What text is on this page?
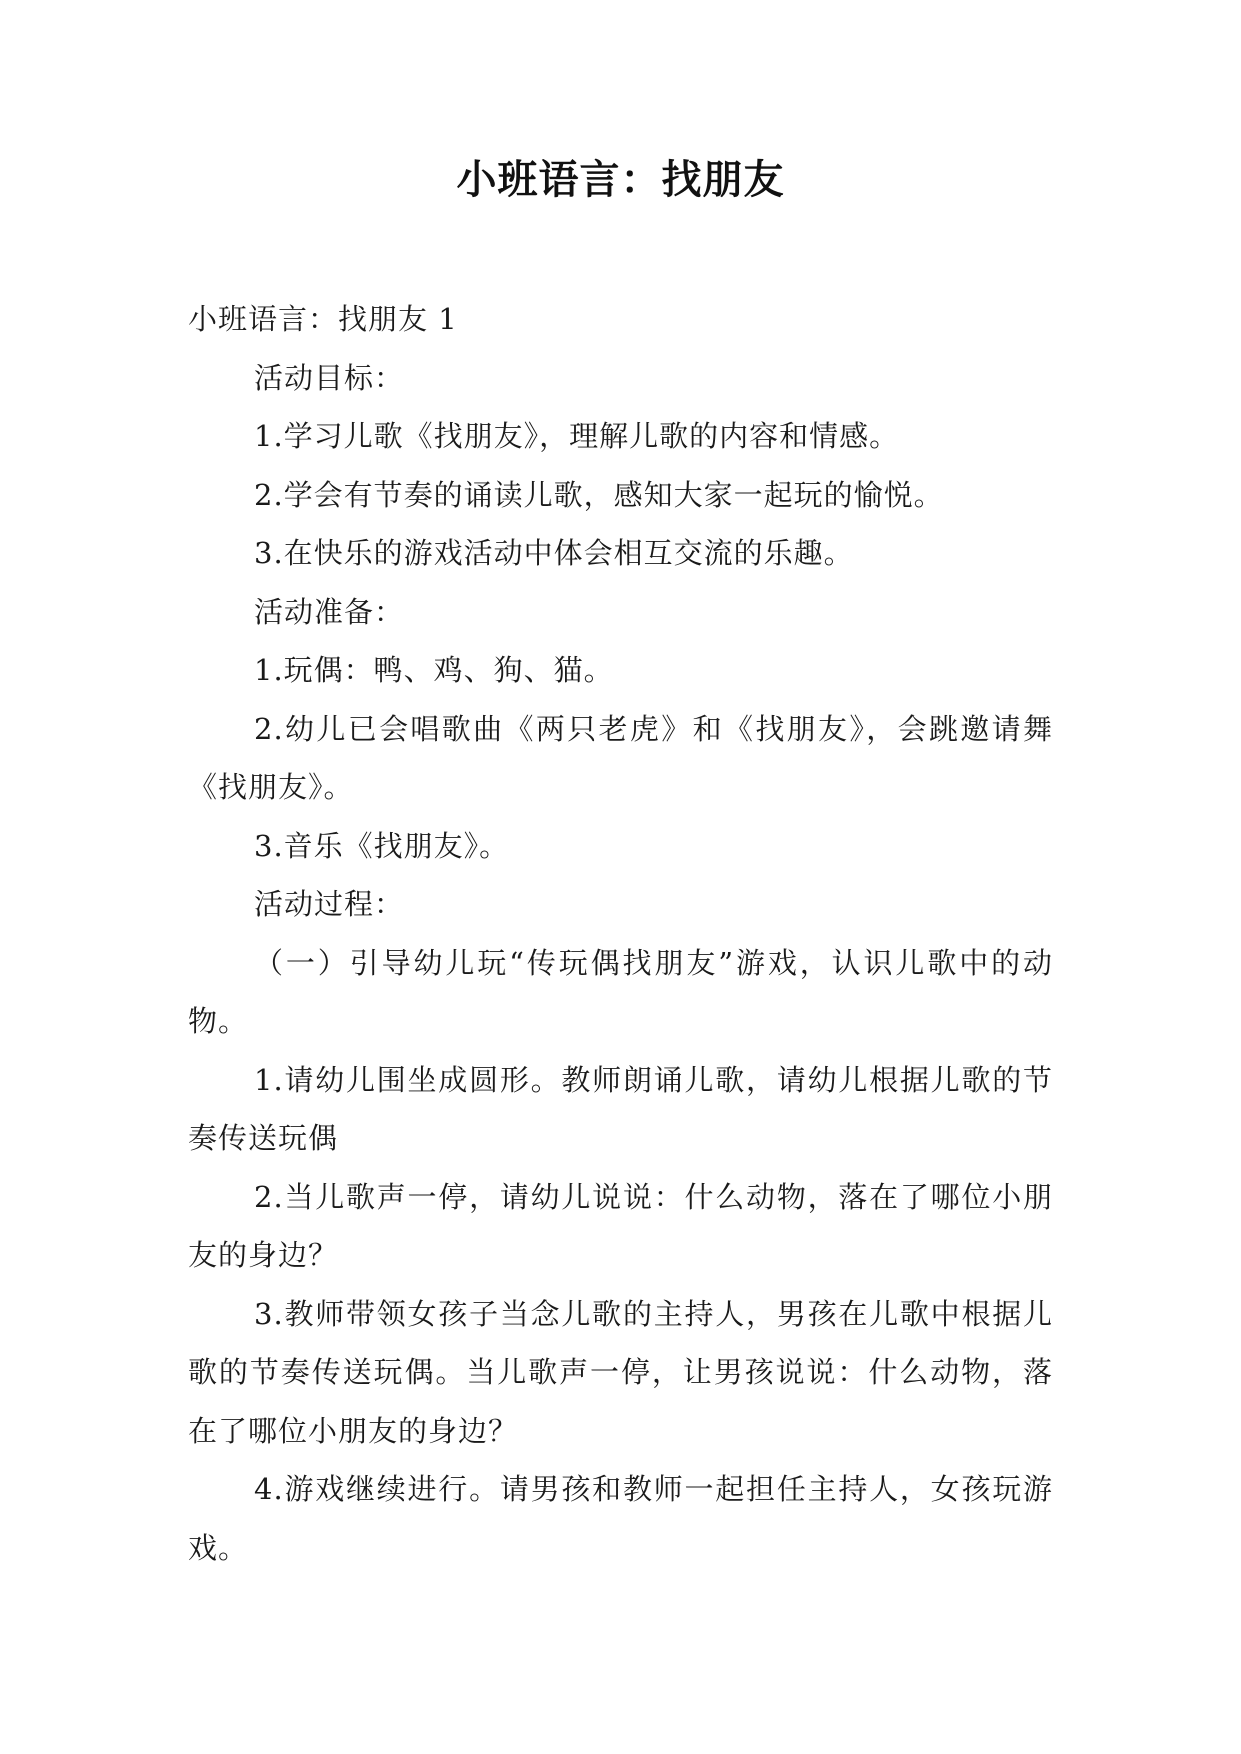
小班语言：找朋友

小班语言：找朋友 1

活动目标：

1.学习儿歌《找朋友》，理解儿歌的内容和情感。

2.学会有节奏的诵读儿歌，感知大家一起玩的愉悦。

3.在快乐的游戏活动中体会相互交流的乐趣。

活动准备：

1.玩偶：鸭、鸡、狗、猫。

2.幼儿已会唱歌曲《两只老虎》和《找朋友》，会跳邀请舞《找朋友》。

3.音乐《找朋友》。

活动过程：

（一）引导幼儿玩“传玩偶找朋友”游戏，认识儿歌中的动物。

1.请幼儿围坐成圆形。教师朗诵儿歌，请幼儿根据儿歌的节奏传送玩偶

2.当儿歌声一停，请幼儿说说：什么动物，落在了哪位小朋友的身边？

3.教师带领女孩子当念儿歌的主持人，男孩在儿歌中根据儿歌的节奏传送玩偶。当儿歌声一停，让男孩说说：什么动物，落在了哪位小朋友的身边？

4.游戏继续进行。请男孩和教师一起担任主持人，女孩玩游戏。
